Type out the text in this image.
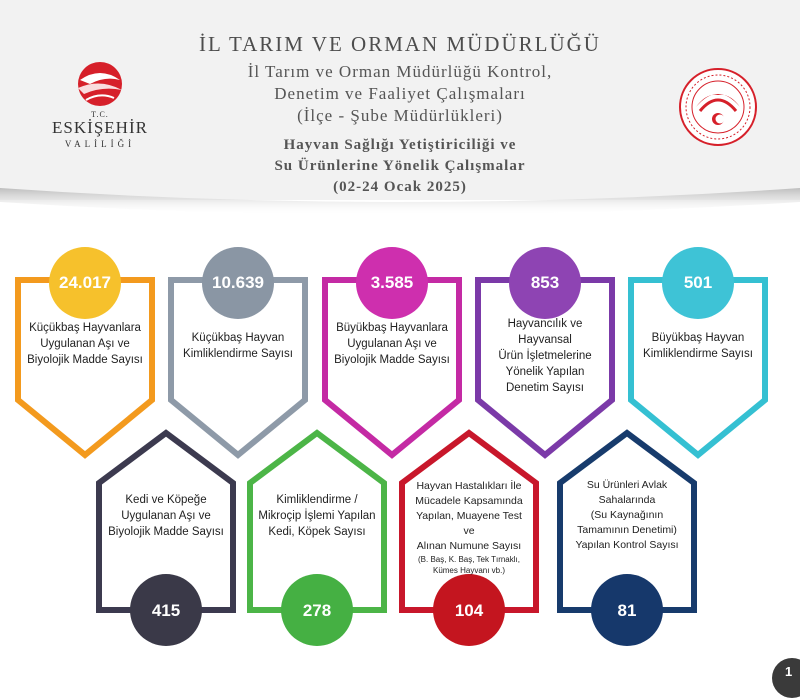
İL TARIM VE ORMAN MÜDÜRLÜĞÜ
İl Tarım ve Orman Müdürlüğü Kontrol,
Denetim ve Faaliyet Çalışmaları
(İlçe - Şube Müdürlükleri)
Hayvan Sağlığı Yetiştiriciliği ve
Su Ürünlerine Yönelik Çalışmalar
(02-24 Ocak 2025)
T.C.
ESKİŞEHİR
VALİLİĞİ
24.017
Küçükbaş Hayvanlara
Uygulanan Aşı ve
Biyolojik Madde Sayısı
10.639
Küçükbaş Hayvan
Kimliklendirme Sayısı
3.585
Büyükbaş Hayvanlara
Uygulanan Aşı ve
Biyolojik Madde Sayısı
853
Hayvancılık ve Hayvansal
Ürün İşletmelerine
Yönelik Yapılan
Denetim Sayısı
501
Büyükbaş Hayvan
Kimliklendirme Sayısı
Kedi ve Köpeğe
Uygulanan Aşı ve
Biyolojik Madde Sayısı
415
Kimliklendirme /
Mikroçip İşlemi Yapılan
Kedi, Köpek Sayısı
278
Hayvan Hastalıkları İle
Mücadele Kapsamında
Yapılan, Muayene Test ve
Alınan Numune Sayısı
(B. Baş, K. Baş, Tek Tırnaklı, Kümes Hayvanı vb.)
104
Su Ürünleri Avlak
Sahalarında
(Su Kaynağının
Tamamının Denetimi)
Yapılan Kontrol Sayısı
81
1
